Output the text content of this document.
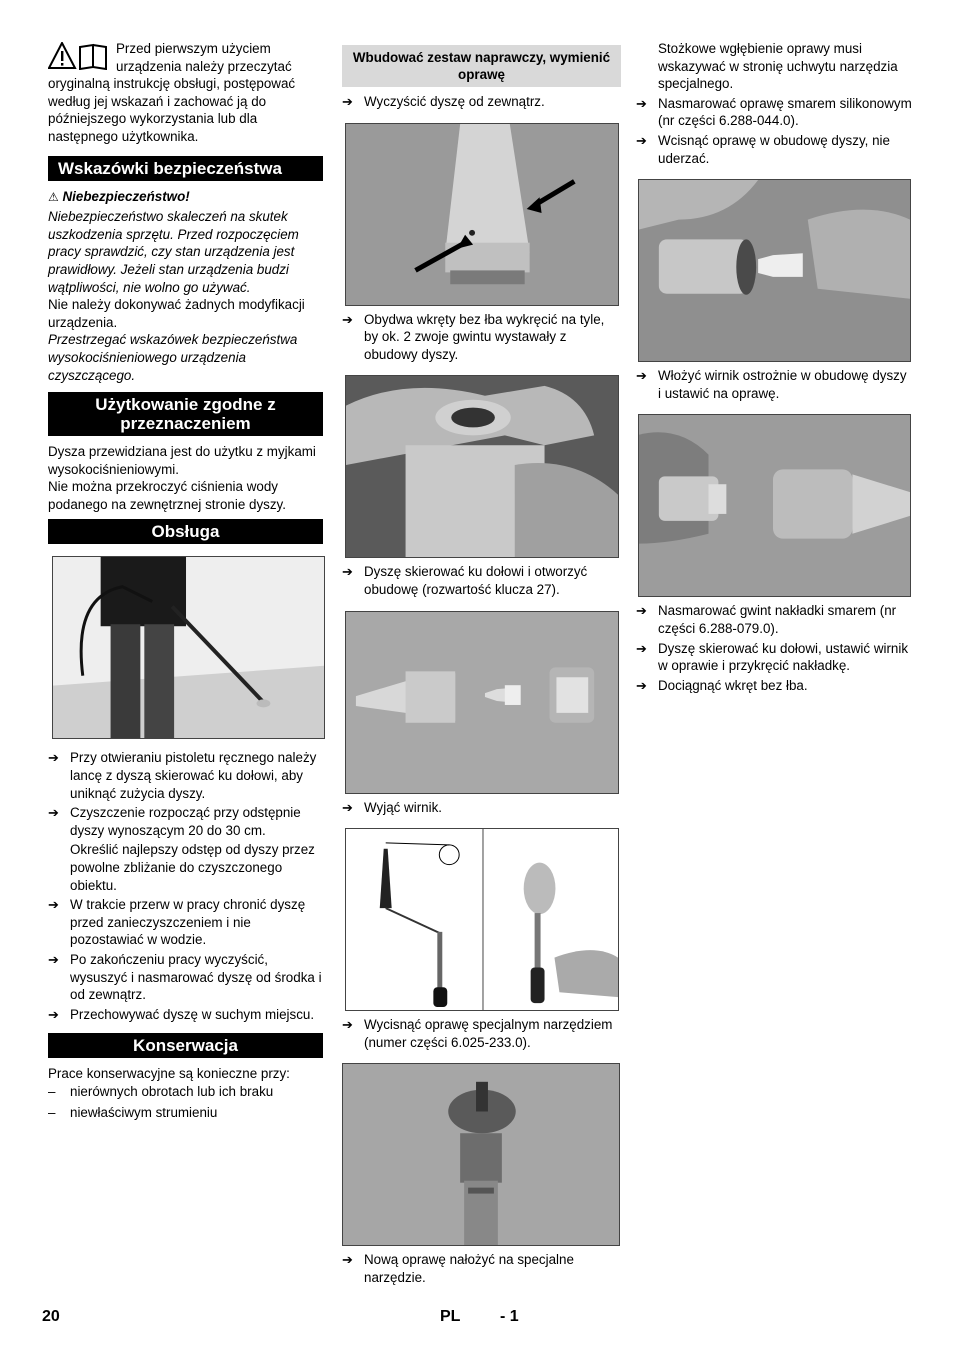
Przed pierwszym użyciem urządzenia należy przeczytać oryginalną instrukcję obsługi, postępować według jej wskazań i zachować ją do późniejszego wykorzystania lub dla następnego użytkownika.

Wskazówki bezpieczeństwa

⚠ Niebezpieczeństwo!

Niebezpieczeństwo skaleczeń na skutek uszkodzenia sprzętu. Przed rozpoczęciem pracy sprawdzić, czy stan urządzenia jest prawidłowy. Jeżeli stan urządzenia budzi wątpliwości, nie wolno go używać.

Nie należy dokonywać żadnych modyfikacji urządzenia.

Przestrzegać wskazówek bezpieczeństwa wysokociśnieniowego urządzenia czyszczącego.

Użytkowanie zgodne z przeznaczeniem

Dysza przewidziana jest do użytku z myjkami wysokociśnieniowymi.

Nie można przekroczyć ciśnienia wody podanego na zewnętrznej stronie dyszy.

Obsługa
➔ Przy otwieraniu pistoletu ręcznego należy lancę z dyszą skierować ku dołowi, aby uniknąć zużycia dyszy.
➔ Czyszczenie rozpocząć przy odstępnie dyszy wynoszącym 20 do 30 cm.

Określić najlepszy odstęp od dyszy przez powolne zbliżanie do czyszczonego obiektu.

➔ W trakcie przerw w pracy chronić dyszę przed zanieczyszczeniem i nie pozostawiać w wodzie.
➔ Po zakończeniu pracy wyczyścić, wysuszyć i nasmarować dyszę od środka i od zewnątrz.
➔ Przechowywać dyszę w suchym miejscu.
Konserwacja

Prace konserwacyjne są konieczne przy:

– nierównych obrotach lub ich braku
– niewłaściwym strumieniu
Wbudować zestaw naprawczy, wymienić oprawę
➔ Wyczyścić dyszę od zewnątrz.
➔ Obydwa wkręty bez łba wykręcić na tyle, by ok. 2 zwoje gwintu wystawały z obudowy dyszy.
➔ Dyszę skierować ku dołowi i otworzyć obudowę (rozwartość klucza 27).
➔ Wyjąć wirnik.
➔ Wycisnąć oprawę specjalnym narzędziem (numer części 6.025-233.0).
➔ Nową oprawę nałożyć na specjalne narzędzie.

Stożkowe wgłębienie oprawy musi wskazywać w stronię uchwytu narzędzia specjalnego.

➔ Nasmarować oprawę smarem silikonowym (nr części 6.288-044.0).
➔ Wcisnąć oprawę w obudowę dyszy, nie uderzać.
➔ Włożyć wirnik ostrożnie w obudowę dyszy i ustawić na oprawę.
➔ Nasmarować gwint nakładki smarem (nr części 6.288-079.0).
➔ Dyszę skierować ku dołowi, ustawić wirnik w oprawie i przykręcić nakładkę.
➔ Dociągnąć wkręt bez łba.
20	PL - 1
